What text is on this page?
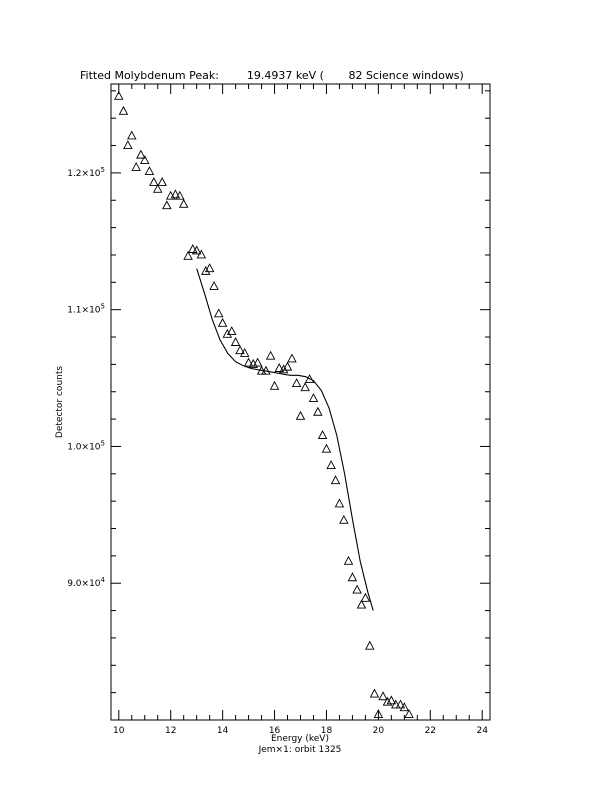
Fitted Molybdenum Peak:        19.4937 keV (       82 Science windows)
10	12	14	16	18	20	22	24
$9.0\times 10^4$
$1.0\times 10^5$
$1.1\times 10^5$
$1.2\times 10^5$
Energy (keV)
Jem×1: orbit 1325
Detector counts
